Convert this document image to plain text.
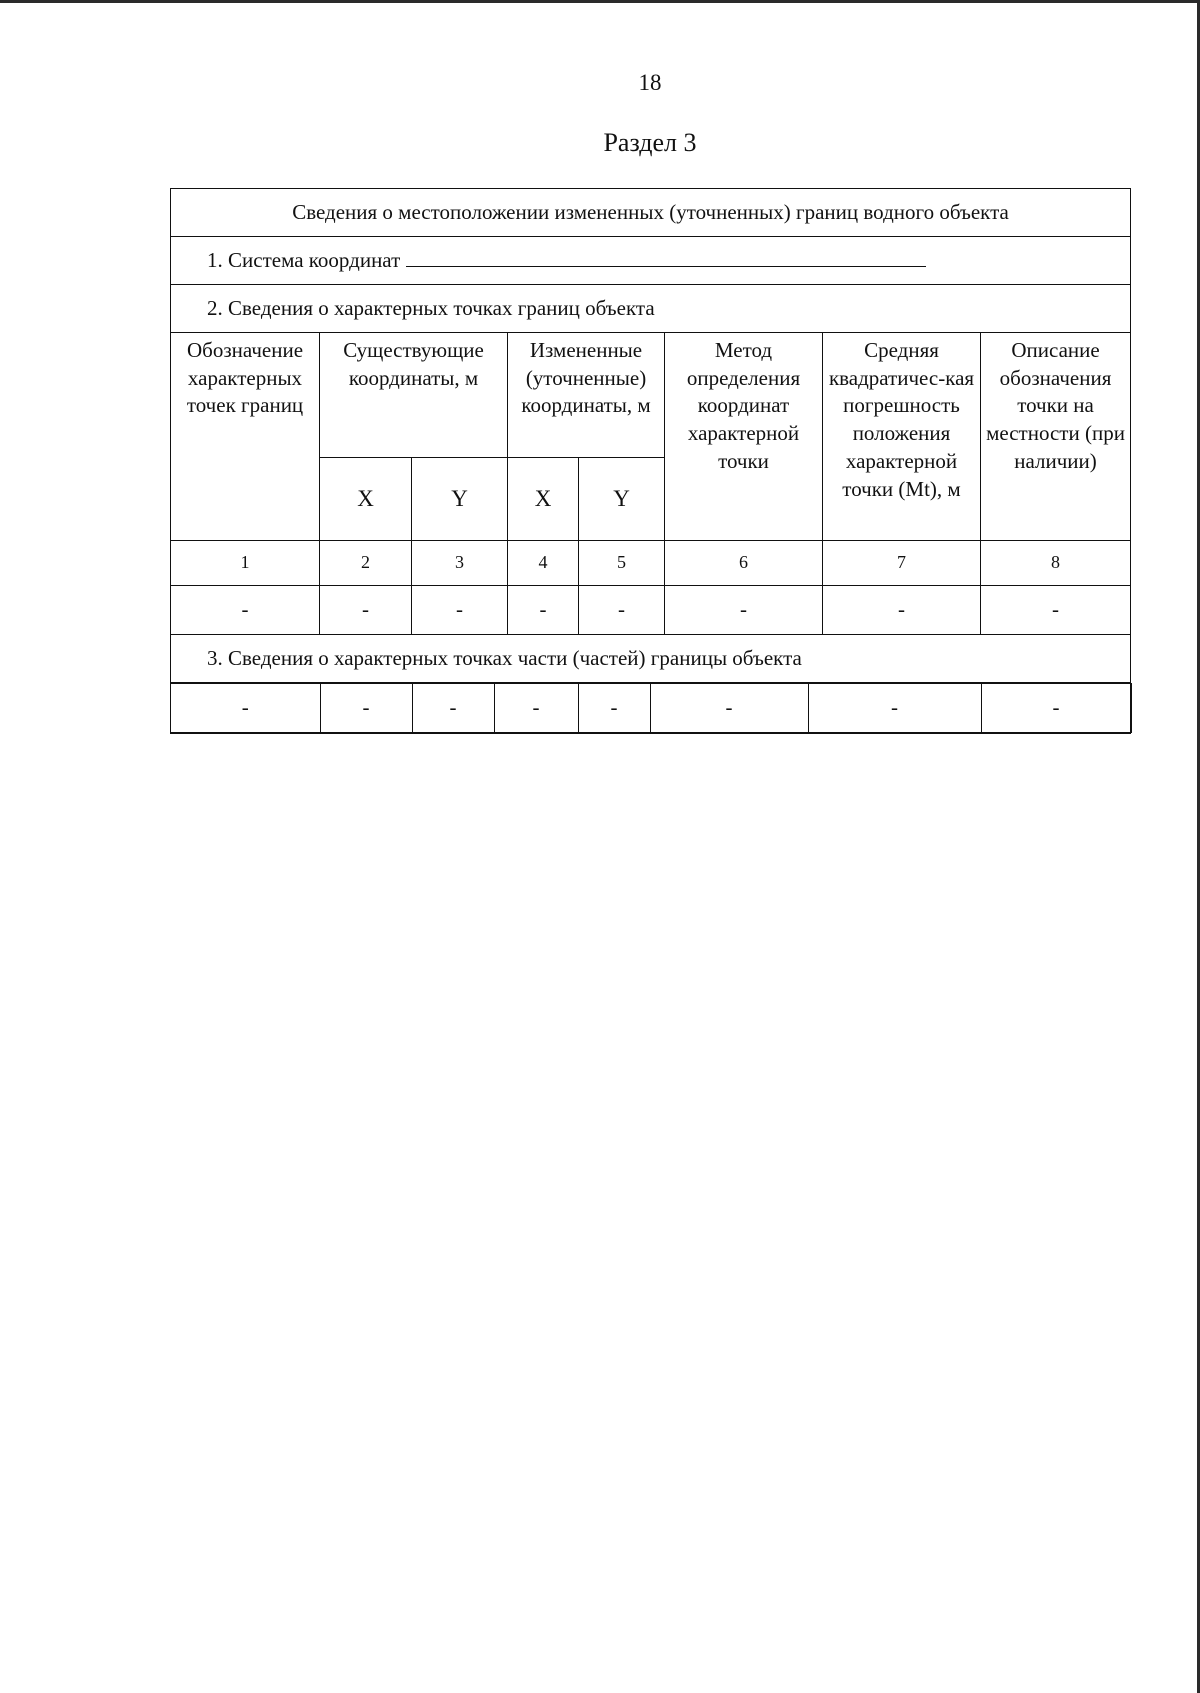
18
Раздел 3
Сведения о местоположении измененных (уточненных) границ водного объекта
1. Система координат
2. Сведения о характерных точках границ объекта
Обозначение характерных точек границ	Существующие координаты, м	Измененные (уточненные) координаты, м	Метод определения координат характерной точки	Средняя квадратичес-кая погрешность положения характерной точки (Mt), м	Описание обозначения точки на местности (при наличии)
X	Y	X	Y
1	2	3	4	5	6	7	8
-	-	-	-	-	-	-	-
3. Сведения о характерных точках части (частей) границы объекта

-	-	-	-	-	-	-	-
